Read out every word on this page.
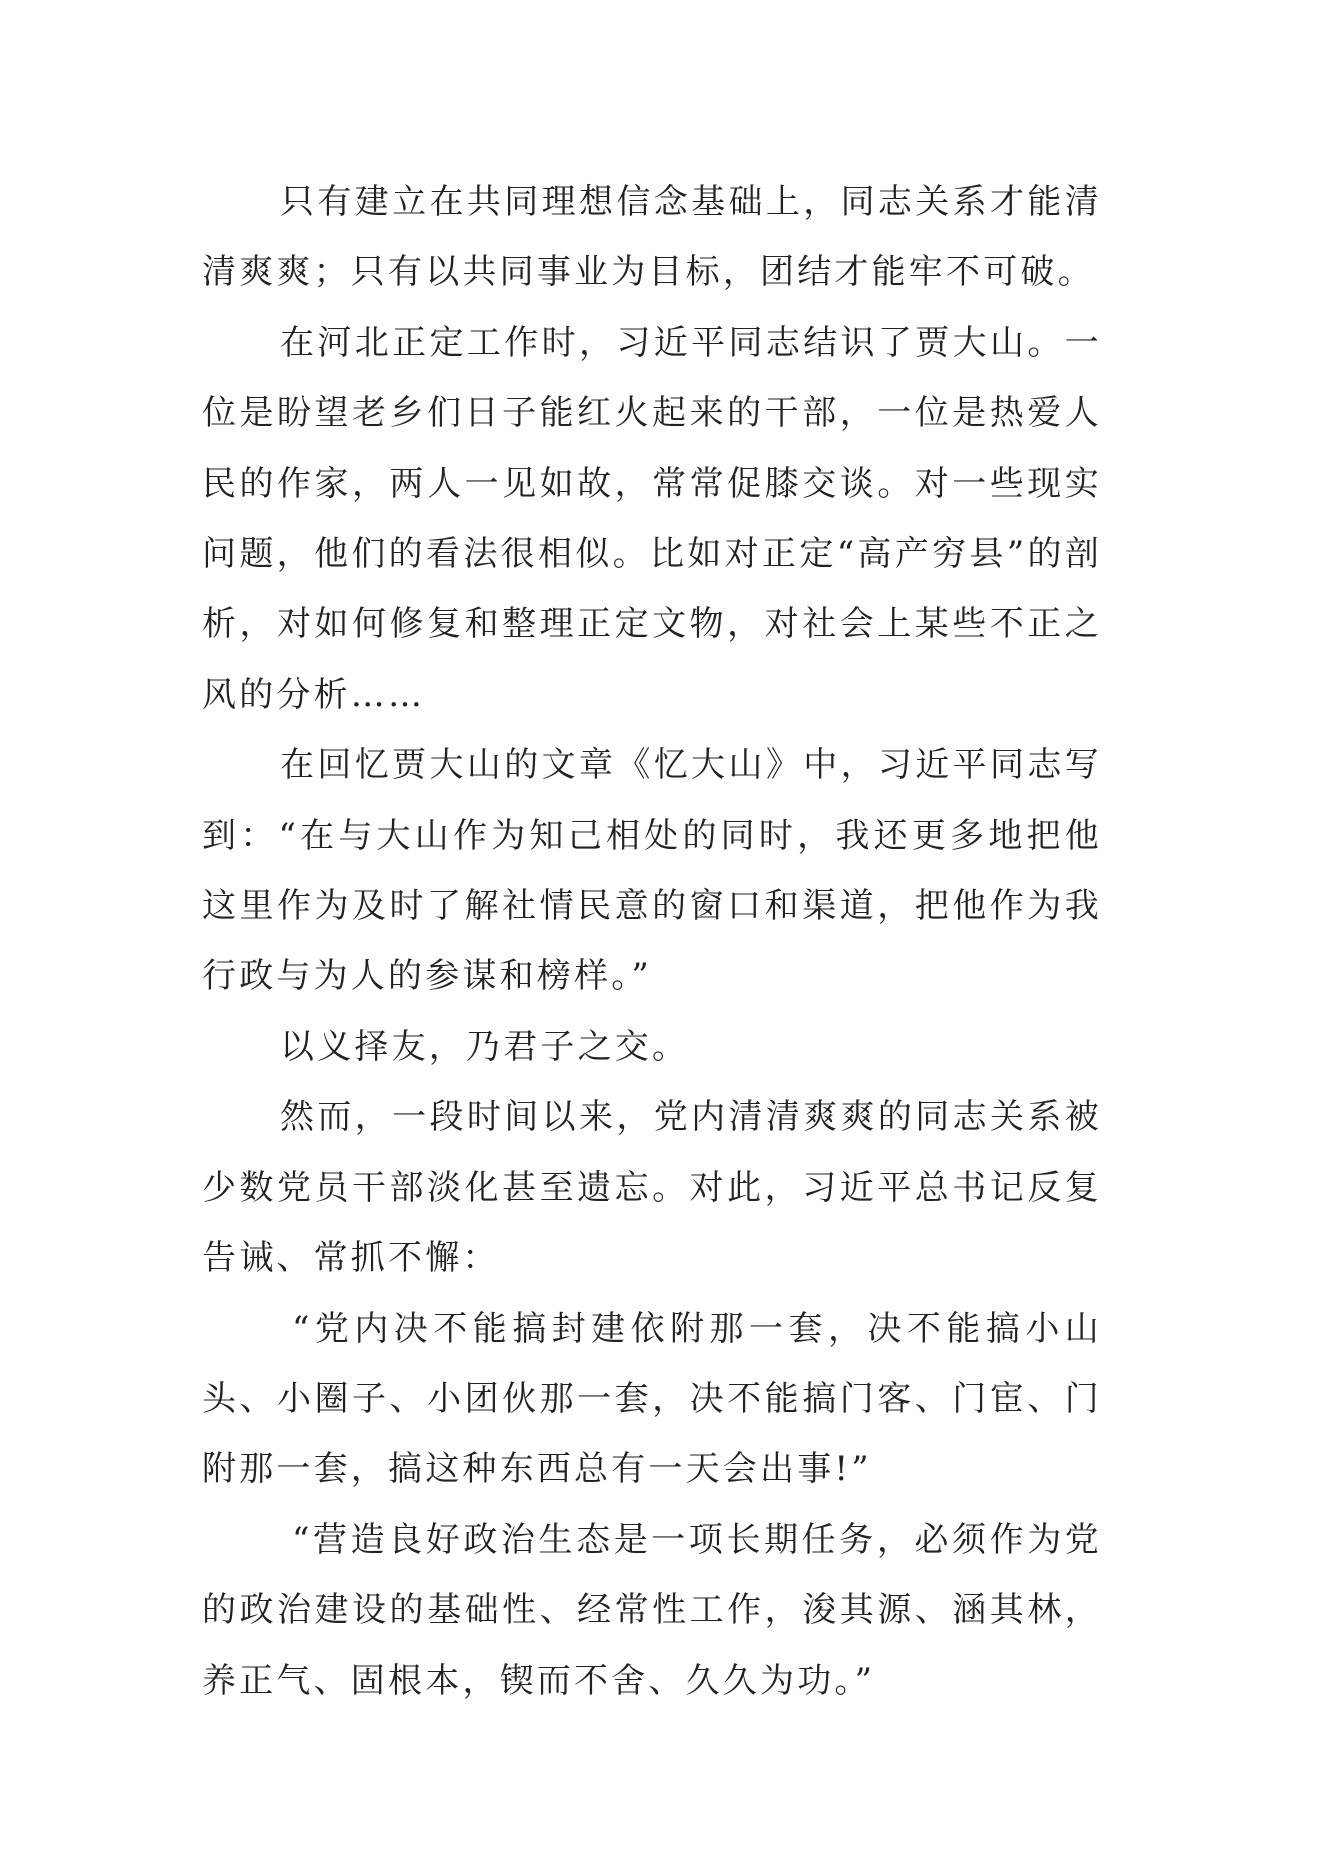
只有建立在共同理想信念基础上，同志关系才能清清爽爽；只有以共同事业为目标，团结才能牢不可破。

在河北正定工作时，习近平同志结识了贾大山。一位是盼望老乡们日子能红火起来的干部，一位是热爱人民的作家，两人一见如故，常常促膝交谈。对一些现实问题，他们的看法很相似。比如对正定“高产穷县”的剖析，对如何修复和整理正定文物，对社会上某些不正之风的分析……

在回忆贾大山的文章《忆大山》中，习近平同志写到：“在与大山作为知己相处的同时，我还更多地把他这里作为及时了解社情民意的窗口和渠道，把他作为我行政与为人的参谋和榜样。”

以义择友，乃君子之交。

然而，一段时间以来，党内清清爽爽的同志关系被少数党员干部淡化甚至遗忘。对此，习近平总书记反复告诫、常抓不懈：

“党内决不能搞封建依附那一套，决不能搞小山头、小圈子、小团伙那一套，决不能搞门客、门宦、门附那一套，搞这种东西总有一天会出事!”

“营造良好政治生态是一项长期任务，必须作为党的政治建设的基础性、经常性工作，浚其源、涵其林，养正气、固根本，锲而不舍、久久为功。”
